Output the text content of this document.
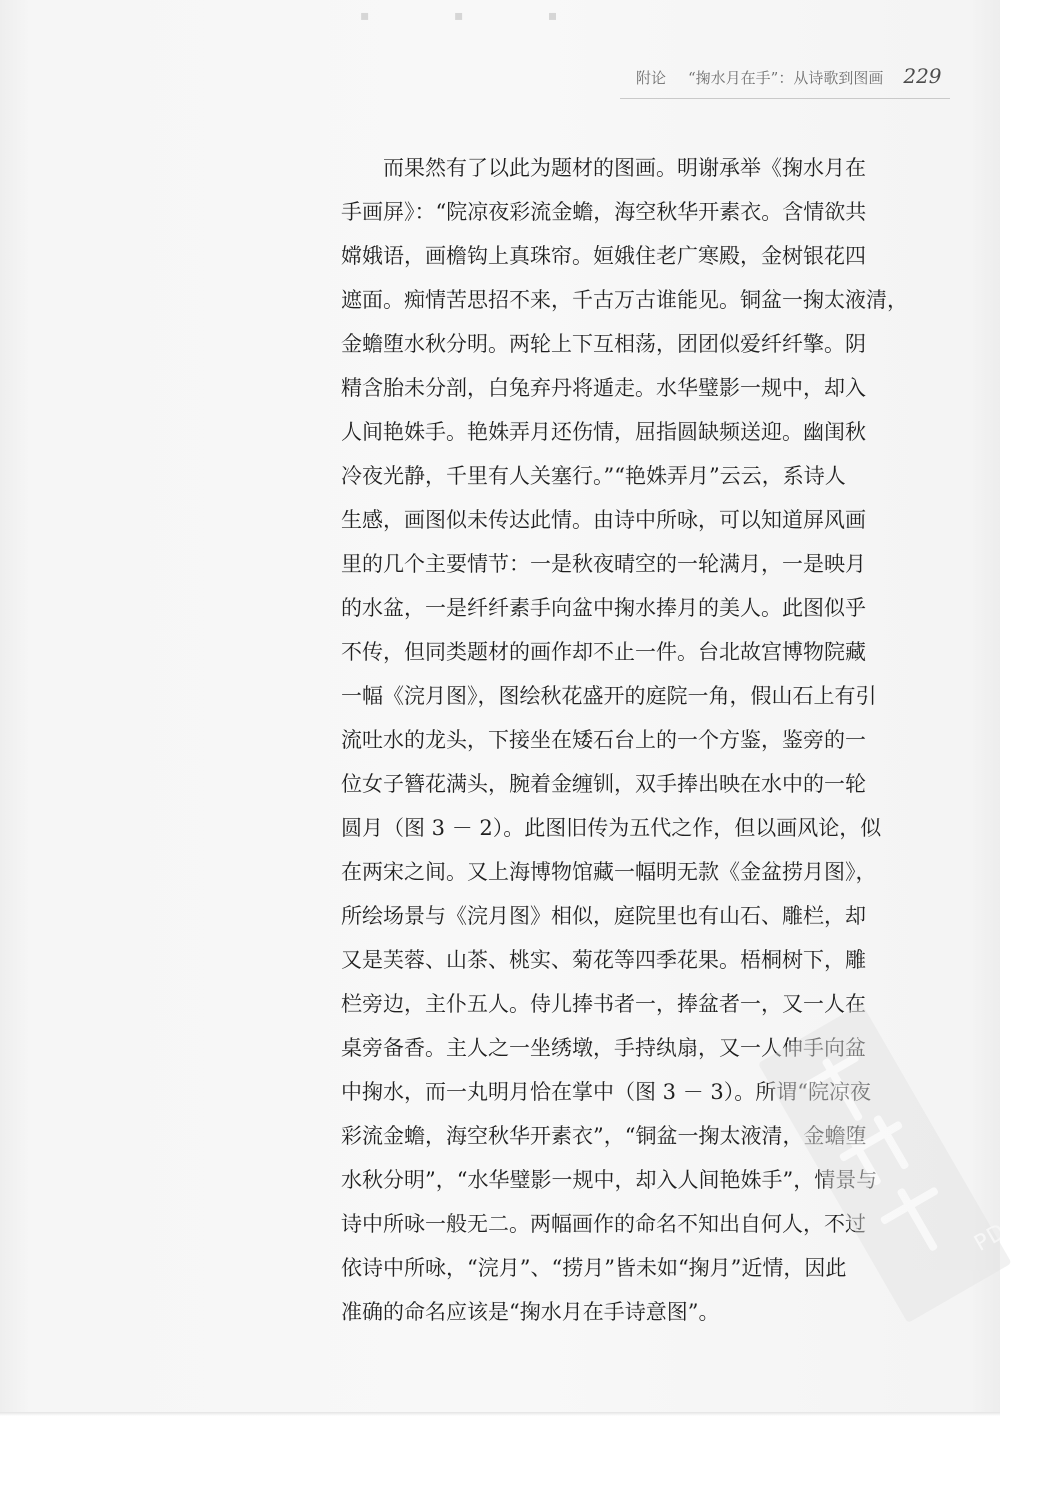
▪ ▪ ▪
附论 “掬水月在手”：从诗歌到图画 229
而果然有了以此为题材的图画。明谢承举《掬水月在
手画屏》：“院凉夜彩流金蟾，海空秋华开素衣。含情欲共
嫦娥语，画檐钩上真珠帘。姮娥住老广寒殿，金树银花四
遮面。痴情苦思招不来，千古万古谁能见。铜盆一掬太液清，
金蟾堕水秋分明。两轮上下互相荡，团团似爱纤纤擎。阴
精含胎未分剖，白兔弃丹将遁走。水华璧影一规中，却入
人间艳姝手。艳姝弄月还伤情，屈指圆缺频送迎。幽闺秋
冷夜光静，千里有人关塞行。”“艳姝弄月”云云，系诗人
生感，画图似未传达此情。由诗中所咏，可以知道屏风画
里的几个主要情节：一是秋夜晴空的一轮满月，一是映月
的水盆，一是纤纤素手向盆中掬水捧月的美人。此图似乎
不传，但同类题材的画作却不止一件。台北故宫博物院藏
一幅《浣月图》，图绘秋花盛开的庭院一角，假山石上有引
流吐水的龙头，下接坐在矮石台上的一个方鉴，鉴旁的一
位女子簪花满头，腕着金缠钏，双手捧出映在水中的一轮
圆月（图 3 － 2）。此图旧传为五代之作，但以画风论，似
在两宋之间。又上海博物馆藏一幅明无款《金盆捞月图》，
所绘场景与《浣月图》相似，庭院里也有山石、雕栏，却
又是芙蓉、山茶、桃实、菊花等四季花果。梧桐树下，雕
栏旁边，主仆五人。侍儿捧书者一，捧盆者一，又一人在
桌旁备香。主人之一坐绣墩，手持纨扇，又一人伸手向盆
中掬水，而一丸明月恰在掌中（图 3 － 3）。所谓“院凉夜
彩流金蟾，海空秋华开素衣”，“铜盆一掬太液清，金蟾堕
水秋分明”，“水华璧影一规中，却入人间艳姝手”，情景与
诗中所咏一般无二。两幅画作的命名不知出自何人，不过
依诗中所咏，“浣月”、“捞月”皆未如“掬月”近情，因此
准确的命名应该是“掬水月在手诗意图”。
PDG
